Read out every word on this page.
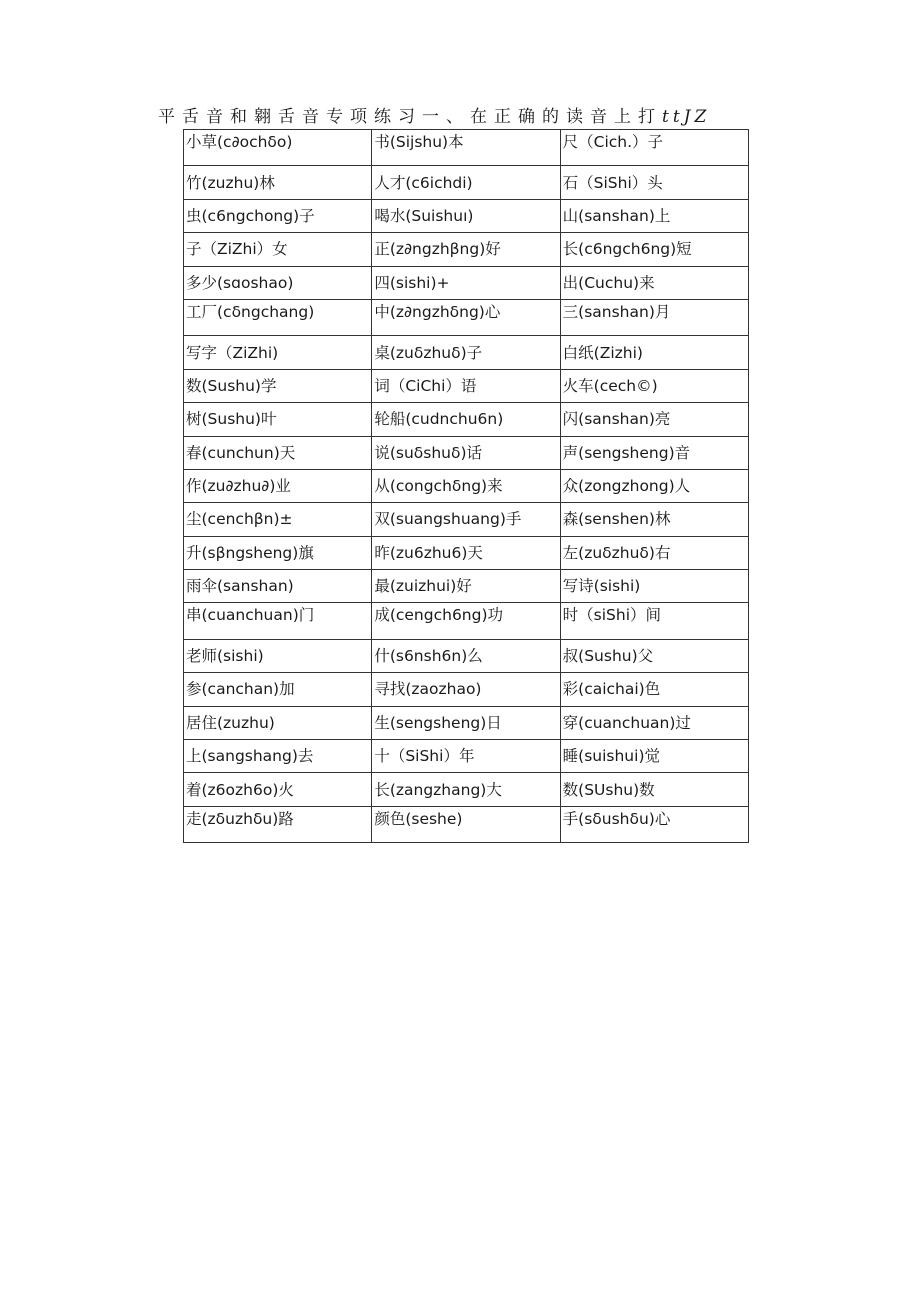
平舌音和翱舌音专项练习一、在正确的读音上打ttJZ
小草(c∂ochδo)	书(Sijshu)本	尺（Cich.）子
竹(zuzhu)林	人才(c6ichdi)	石（SiShi）头
虫(c6ngchong)子	喝水(Suishuı)	山(sanshan)上
子（ZiZhi）女	正(z∂ngzhβng)好	长(c6ngch6ng)短
多少(sɑoshao)	四(sishi)+	出(Cuchu)来
工厂(cδngchang)	中(z∂ngzhδng)心	三(sanshan)月
写字（ZiZhi)	桌(zuδzhuδ)子	白纸(Zizhi)
数(Sushu)学	词（CiChi）语	火车(cech©)
树(Sushu)叶	轮船(cudnchu6n)	闪(sanshan)亮
春(cunchun)天	说(suδshuδ)话	声(sengsheng)音
作(zu∂zhu∂)业	从(congchδng)来	众(zongzhong)人
尘(cenchβn)±	双(suangshuang)手	森(senshen)林
升(sβngsheng)旗	昨(zu6zhu6)天	左(zuδzhuδ)右
雨伞(sanshan)	最(zuizhui)好	写诗(sishi)
串(cuanchuan)门	成(cengch6ng)功	时（siShi）间
老师(sishi)	什(s6nsh6n)么	叔(Sushu)父
参(canchan)加	寻找(zaozhao)	彩(caichai)色
居住(zuzhu)	生(sengsheng)日	穿(cuanchuan)过
上(sangshang)去	十（SiShi）年	睡(suishui)觉
着(z6ozh6o)火	长(zangzhang)大	数(SUshu)数
走(zδuzhδu)路	颜色(seshe)	手(sδushδu)心
